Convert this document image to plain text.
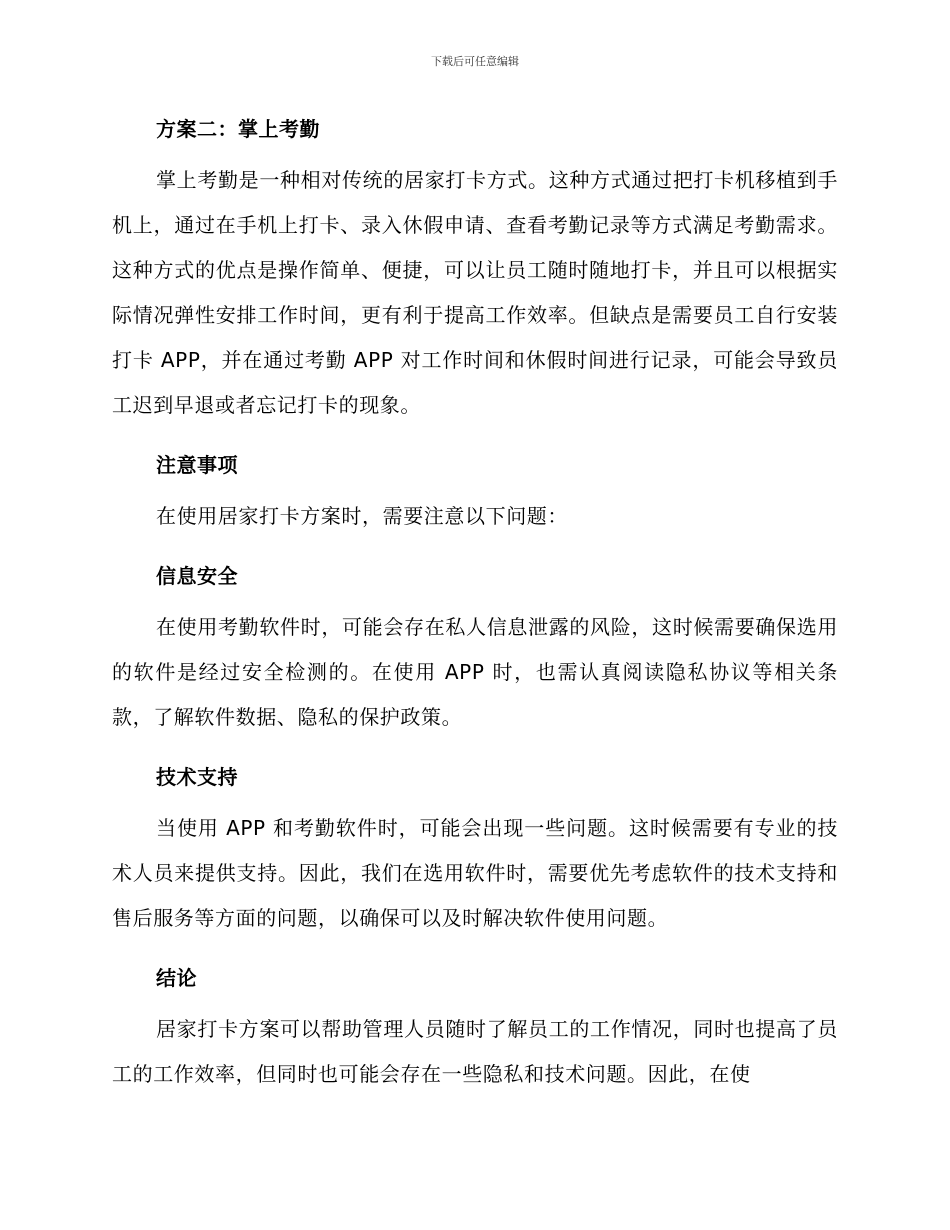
下载后可任意编辑
方案二：掌上考勤

掌上考勤是一种相对传统的居家打卡方式。这种方式通过把打卡机移植到手机上，通过在手机上打卡、录入休假申请、查看考勤记录等方式满足考勤需求。这种方式的优点是操作简单、便捷，可以让员工随时随地打卡，并且可以根据实际情况弹性安排工作时间，更有利于提高工作效率。但缺点是需要员工自行安装打卡 APP，并在通过考勤 APP 对工作时间和休假时间进行记录，可能会导致员工迟到早退或者忘记打卡的现象。

注意事项

在使用居家打卡方案时，需要注意以下问题：

信息安全

在使用考勤软件时，可能会存在私人信息泄露的风险，这时候需要确保选用的软件是经过安全检测的。在使用 APP 时，也需认真阅读隐私协议等相关条款，了解软件数据、隐私的保护政策。

技术支持

当使用 APP 和考勤软件时，可能会出现一些问题。这时候需要有专业的技术人员来提供支持。因此，我们在选用软件时，需要优先考虑软件的技术支持和售后服务等方面的问题，以确保可以及时解决软件使用问题。

结论

居家打卡方案可以帮助管理人员随时了解员工的工作情况，同时也提高了员工的工作效率，但同时也可能会存在一些隐私和技术问题。因此，在使
